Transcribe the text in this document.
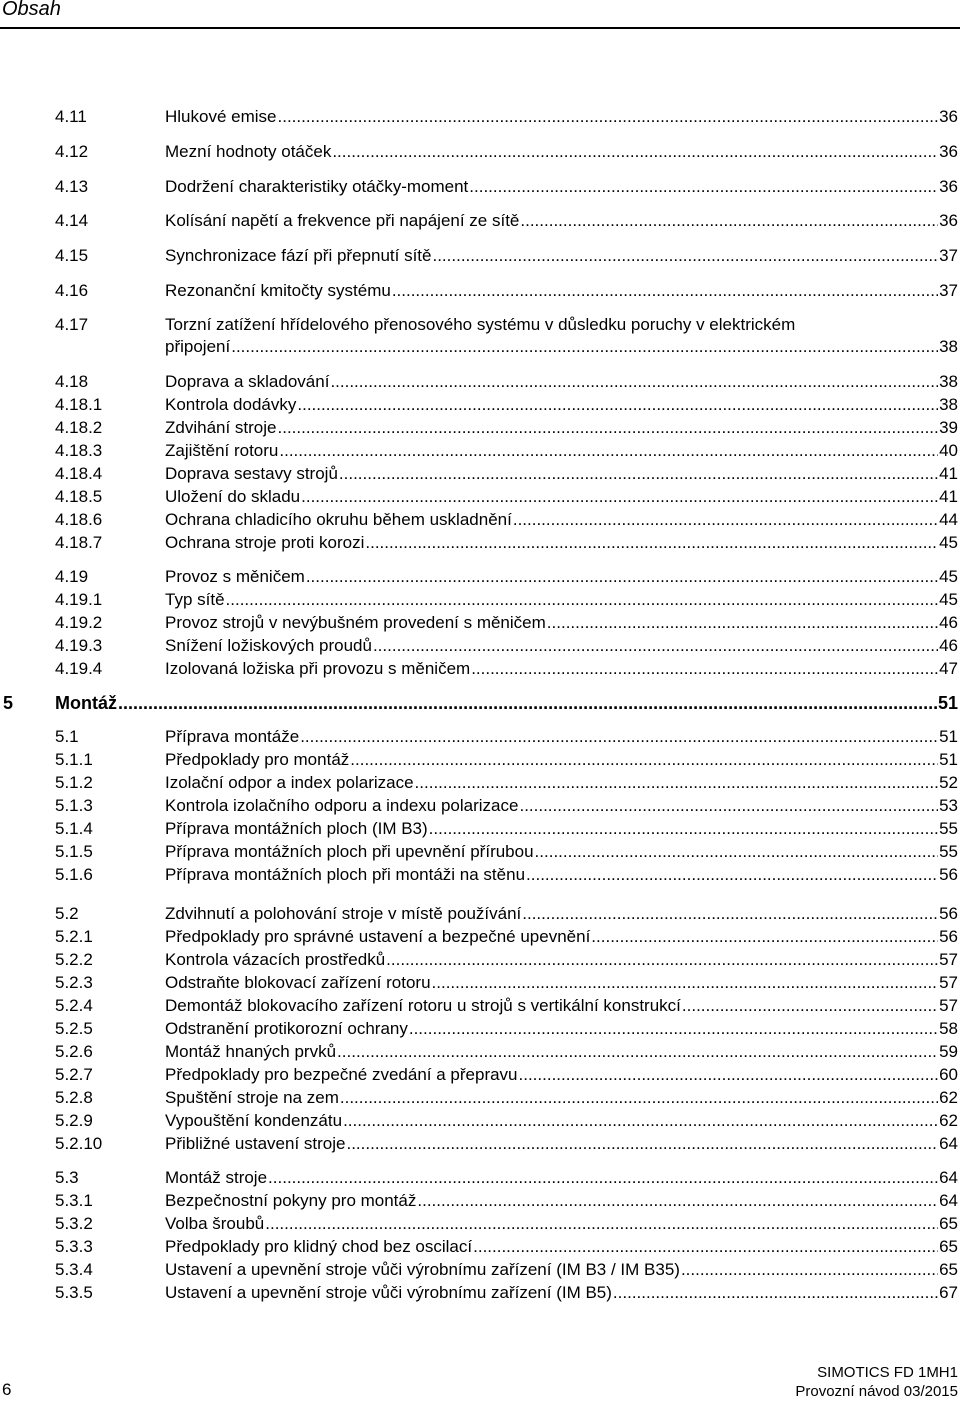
Obsah
4.11	Hlukové emise .....	36
4.12	Mezní hodnoty otáček .....	36
4.13	Dodržení charakteristiky otáčky-moment .....	36
4.14	Kolísání napětí a frekvence při napájení ze sítě .....	36
4.15	Synchronizace fází při přepnutí sítě .....	37
4.16	Rezonanční kmitočty systému .....	37
4.17	Torzní zatížení hřídelového přenosového systému v důsledku poruchy v elektrickém
připojení .....	38
4.18	Doprava a skladování .....	38
4.18.1	Kontrola dodávky .....	38
4.18.2	Zdvihání stroje .....	39
4.18.3	Zajištění rotoru .....	40
4.18.4	Doprava sestavy strojů .....	41
4.18.5	Uložení do skladu .....	41
4.18.6	Ochrana chladicího okruhu během uskladnění .....	44
4.18.7	Ochrana stroje proti korozi .....	45
4.19	Provoz s měničem .....	45
4.19.1	Typ sítě .....	45
4.19.2	Provoz strojů v nevýbušném provedení s měničem .....	46
4.19.3	Snížení ložiskových proudů .....	46
4.19.4	Izolovaná ložiska při provozu s měničem .....	47
5 Montáž .....	51
5.1	Příprava montáže .....	51
5.1.1	Předpoklady pro montáž .....	51
5.1.2	Izolační odpor a index polarizace .....	52
5.1.3	Kontrola izolačního odporu a indexu polarizace .....	53
5.1.4	Příprava montážních ploch (IM B3) .....	55
5.1.5	Příprava montážních ploch při upevnění přírubou .....	55
5.1.6	Příprava montážních ploch při montáži na stěnu .....	56
5.2	Zdvihnutí a polohování stroje v místě používání .....	56
5.2.1	Předpoklady pro správné ustavení a bezpečné upevnění .....	56
5.2.2	Kontrola vázacích prostředků .....	57
5.2.3	Odstraňte blokovací zařízení rotoru .....	57
5.2.4	Demontáž blokovacího zařízení rotoru u strojů s vertikální konstrukcí .....	57
5.2.5	Odstranění protikorozní ochrany .....	58
5.2.6	Montáž hnaných prvků .....	59
5.2.7	Předpoklady pro bezpečné zvedání a přepravu .....	60
5.2.8	Spuštění stroje na zem .....	62
5.2.9	Vypouštění kondenzátu .....	62
5.2.10	Přibližné ustavení stroje .....	64
5.3	Montáž stroje .....	64
5.3.1	Bezpečnostní pokyny pro montáž .....	64
5.3.2	Volba šroubů .....	65
5.3.3	Předpoklady pro klidný chod bez oscilací .....	65
5.3.4	Ustavení a upevnění stroje vůči výrobnímu zařízení (IM B3 / IM B35) .....	65
5.3.5	Ustavení a upevnění stroje vůči výrobnímu zařízení (IM B5) .....	67
6
SIMOTICS FD 1MH1
Provozní návod 03/2015
